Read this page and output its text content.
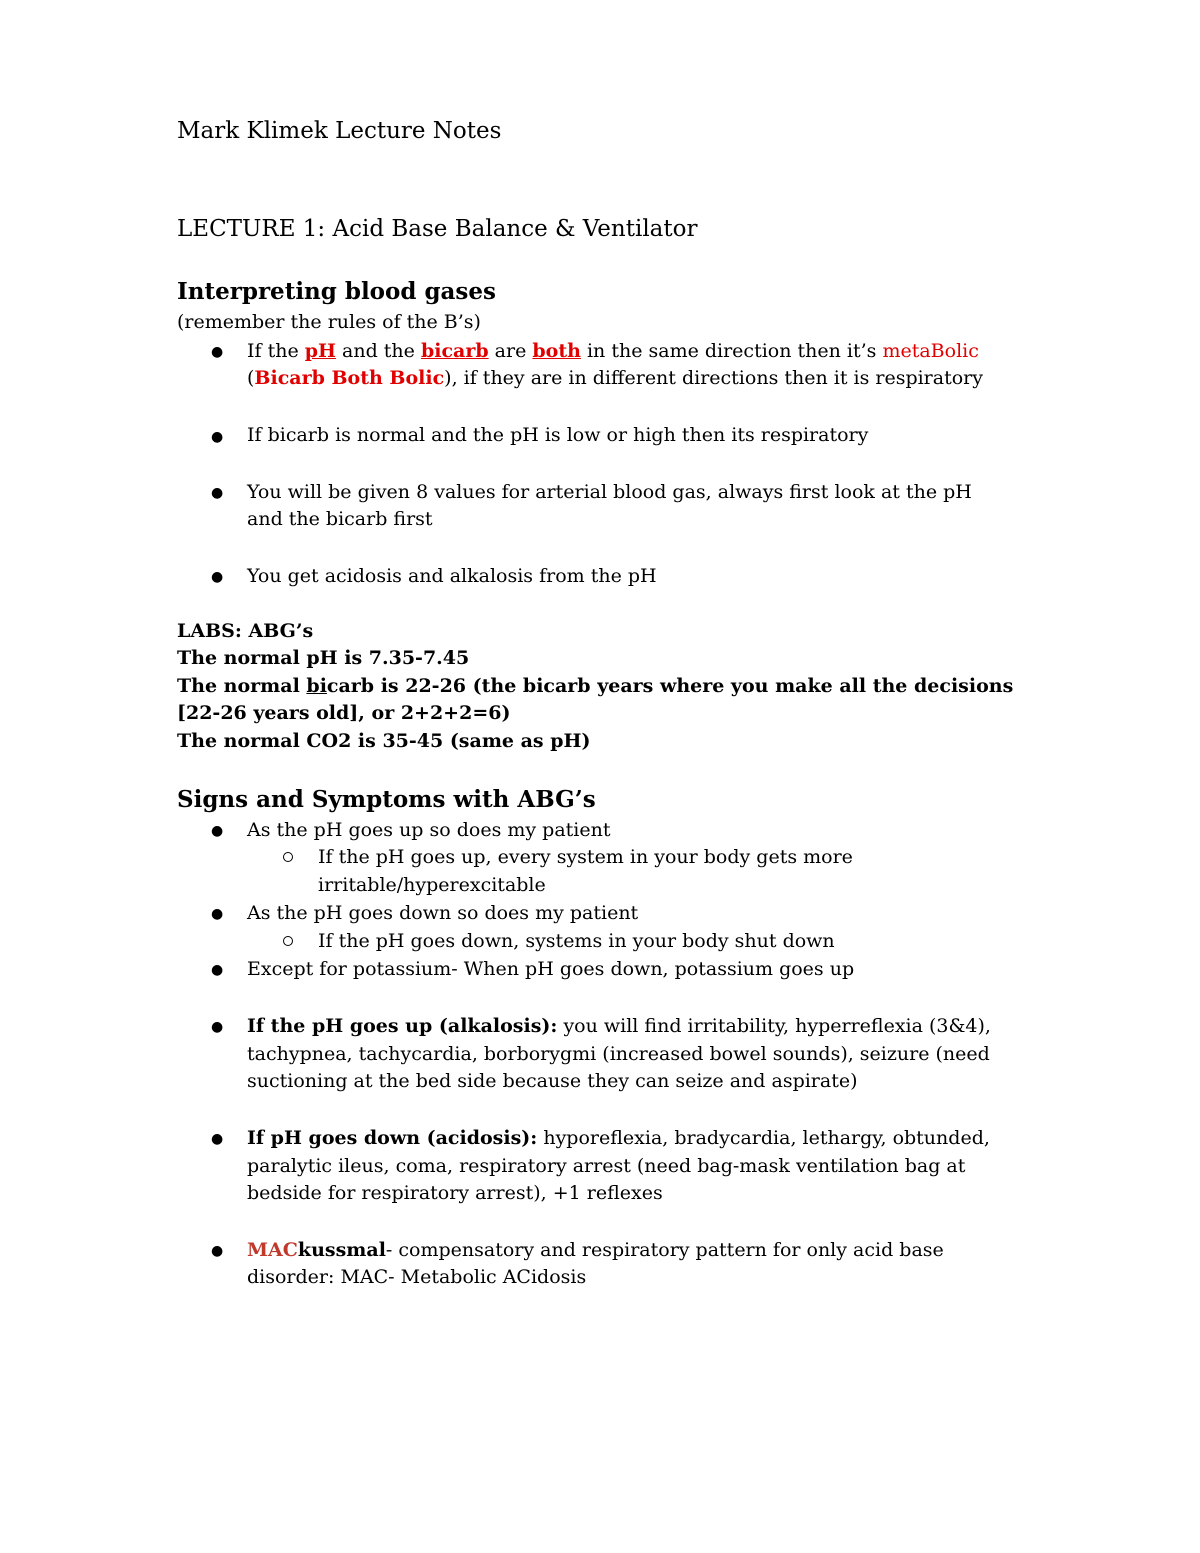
Mark Klimek Lecture Notes
LECTURE 1: Acid Base Balance & Ventilator
Interpreting blood gases
(remember the rules of the B’s)
● If the pH and the bicarb are both in the same direction then it’s metaBolic
(Bicarb Both Bolic), if they are in different directions then it is respiratory
● If bicarb is normal and the pH is low or high then its respiratory
● You will be given 8 values for arterial blood gas, always first look at the pH
and the bicarb first
● You get acidosis and alkalosis from the pH
LABS: ABG’s
The normal pH is 7.35-7.45
The normal bicarb is 22-26 (the bicarb years where you make all the decisions
[22-26 years old], or 2+2+2=6)
The normal CO2 is 35-45 (same as pH)
Signs and Symptoms with ABG’s
● As the pH goes up so does my patient
If the pH goes up, every system in your body gets more
irritable/hyperexcitable
● As the pH goes down so does my patient
If the pH goes down, systems in your body shut down
● Except for potassium- When pH goes down, potassium goes up
● If the pH goes up (alkalosis): you will find irritability, hyperreflexia (3&4),
tachypnea, tachycardia, borborygmi (increased bowel sounds), seizure (need
suctioning at the bed side because they can seize and aspirate)
● If pH goes down (acidosis): hyporeflexia, bradycardia, lethargy, obtunded,
paralytic ileus, coma, respiratory arrest (need bag-mask ventilation bag at
bedside for respiratory arrest), +1 reflexes
● MACkussmal- compensatory and respiratory pattern for only acid base
disorder: MAC- Metabolic ACidosis
